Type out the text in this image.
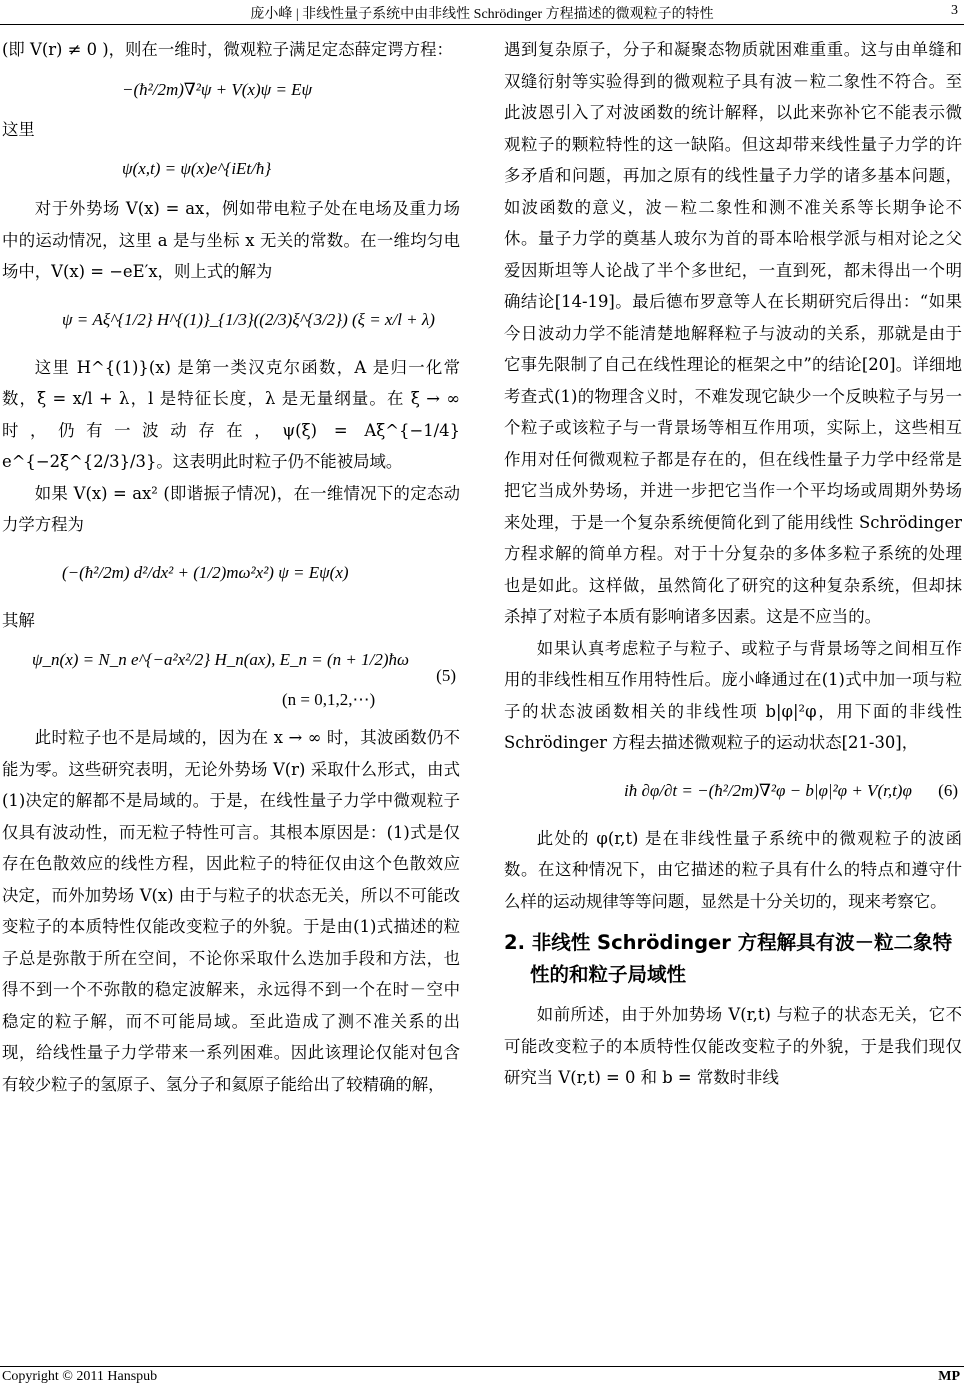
庞小峰 | 非线性量子系统中由非线性 Schrödinger 方程描述的微观粒子的特性	3

(即 V(r) ≠ 0 )，则在一维时，微观粒子满足定态薛定谔方程：

−(ħ²/2m)∇²ψ + V(x)ψ = Eψ

这里

ψ(x,t) = ψ(x)e^{iEt/ħ}

对于外势场 V(x) = ax，例如带电粒子处在电场及重力场中的运动情况，这里 a 是与坐标 x 无关的常数。在一维均匀电场中，V(x) = −eE′x，则上式的解为

ψ = Aξ^{1/2} H^{(1)}_{1/3}((2/3)ξ^{3/2}) (ξ = x/l + λ)

这里 H^{(1)}(x) 是第一类汉克尔函数，A 是归一化常数，ξ = x/l + λ，l 是特征长度，λ 是无量纲量。在 ξ → ∞ 时，仍有一波动存在，ψ(ξ) = Aξ^{−1/4} e^{−2ξ^{2/3}/3}。这表明此时粒子仍不能被局域。

如果 V(x) = ax² (即谐振子情况)，在一维情况下的定态动力学方程为

(−(ħ²/2m) d²/dx² + (1/2)mω²x²) ψ = Eψ(x)

其解

ψ_n(x) = N_n e^{−a²x²/2} H_n(ax), E_n = (n + 1/2)ħω
(5)
(n = 0,1,2,⋯)

此时粒子也不是局域的，因为在 x → ∞ 时，其波函数仍不能为零。这些研究表明，无论外势场 V(r) 采取什么形式，由式(1)决定的解都不是局域的。于是，在线性量子力学中微观粒子仅具有波动性，而无粒子特性可言。其根本原因是：(1)式是仅存在色散效应的线性方程，因此粒子的特征仅由这个色散效应决定，而外加势场 V(x) 由于与粒子的状态无关，所以不可能改变粒子的本质特性仅能改变粒子的外貌。于是由(1)式描述的粒子总是弥散于所在空间，不论你采取什么迭加手段和方法，也得不到一个不弥散的稳定波解来，永远得不到一个在时－空中稳定的粒子解，而不可能局域。至此造成了测不准关系的出现，给线性量子力学带来一系列困难。因此该理论仅能对包含有较少粒子的氢原子、氢分子和氦原子能给出了较精确的解，

遇到复杂原子，分子和凝聚态物质就困难重重。这与由单缝和双缝衍射等实验得到的微观粒子具有波－粒二象性不符合。至此波恩引入了对波函数的统计解释，以此来弥补它不能表示微观粒子的颗粒特性的这一缺陷。但这却带来线性量子力学的许多矛盾和问题，再加之原有的线性量子力学的诸多基本问题，如波函数的意义，波－粒二象性和测不准关系等长期争论不休。量子力学的奠基人玻尔为首的哥本哈根学派与相对论之父爱因斯坦等人论战了半个多世纪，一直到死，都未得出一个明确结论[14-19]。最后德布罗意等人在长期研究后得出：“如果今日波动力学不能清楚地解释粒子与波动的关系，那就是由于它事先限制了自己在线性理论的框架之中”的结论[20]。详细地考查式(1)的物理含义时，不难发现它缺少一个反映粒子与另一个粒子或该粒子与一背景场等相互作用项，实际上，这些相互作用对任何微观粒子都是存在的，但在线性量子力学中经常是把它当成外势场，并进一步把它当作一个平均场或周期外势场来处理，于是一个复杂系统便简化到了能用线性 Schrödinger 方程求解的简单方程。对于十分复杂的多体多粒子系统的处理也是如此。这样做，虽然简化了研究的这种复杂系统，但却抹杀掉了对粒子本质有影响诸多因素。这是不应当的。

如果认真考虑粒子与粒子、或粒子与背景场等之间相互作用的非线性相互作用特性后。庞小峰通过在(1)式中加一项与粒子的状态波函数相关的非线性项 b|φ|²φ，用下面的非线性 Schrödinger 方程去描述微观粒子的运动状态[21-30]，

iħ ∂φ/∂t = −(ħ²/2m)∇²φ − b|φ|²φ + V(r,t)φ (6)

此处的 φ(r,t) 是在非线性量子系统中的微观粒子的波函数。在这种情况下，由它描述的粒子具有什么的特点和遵守什么样的运动规律等等问题，显然是十分关切的，现来考察它。

2. 非线性 Schrödinger 方程解具有波－粒二象特性的和粒子局域性

如前所述，由于外加势场 V(r,t) 与粒子的状态无关，它不可能改变粒子的本质特性仅能改变粒子的外貌，于是我们现仅研究当 V(r,t) = 0 和 b = 常数时非线

Copyright © 2011 Hanspub	MP
